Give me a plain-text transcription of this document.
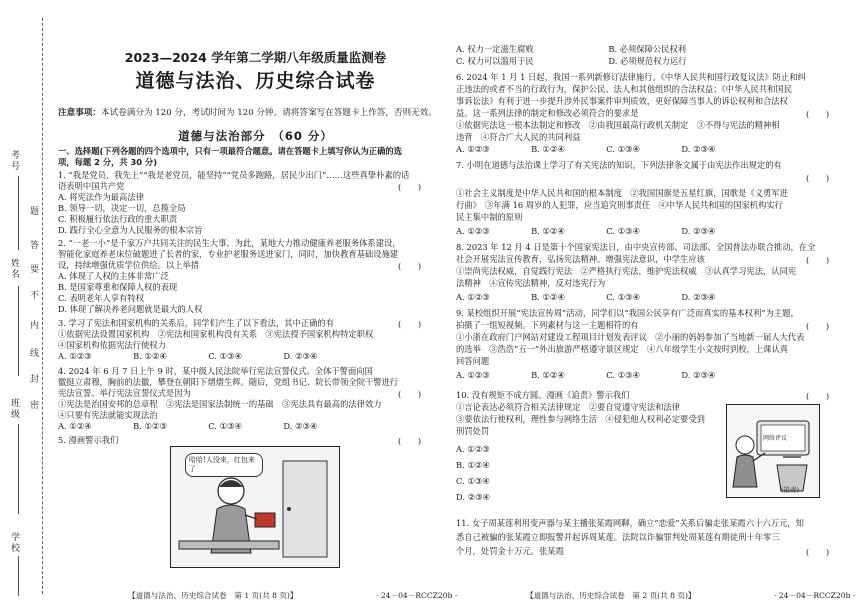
考号
姓名
班级
学校
题
答
要
不
内
线
封
密
2023—2024 学年第二学期八年级质量监测卷
道德与法治、历史综合试卷
注意事项：本试卷满分为 120 分，考试时间为 120 分钟。请将答案写在答题卡上作答，否则无效。
道德与法治部分　（60 分）
一、选择题(下列各题的四个选项中，只有一项最符合题意。请在答题卡上填写你认为正确的选
项，每题 2 分，共 30 分)
1. “我是党员，我先上”“我是老党员，能坚持”“党员多跑路，居民少出门”……这些真挚朴素的话
语表明中国共产党	(　　)
A. 将宪法作为最高法律
B. 领导一切，决定一切，总揽全局
C. 积极履行依法行政的重大职责
D. 践行全心全意为人民服务的根本宗旨
2. “一老一小”是千家万户共同关注的民生大事。为此，某地大力推动健康养老服务体系建设，
智能化家庭养老床位破题进了长者的家，专业护老服务送进家门，同时，加快教育基础设施建
设，持续增强优质学位供给。以上举措	(　　)
A. 体现了人权的主体非常广泛
B. 是国家尊重和保障人权的表现
C. 表明老年人享有特权
D. 体现了解决养老问题就是最大的人权
3. 学习了宪法和国家机构的关系后，同学们产生了以下看法，其中正确的有	(　　)
①依据宪法设置国家机构　②宪法和国家机构没有关系　③宪法授予国家机构特定职权
④国家机构依据宪法行使权力
A. ①②③　　　　　B. ①②④　　　　　C. ①③④　　　　　D. ②③④
4. 2024 年 6 月 7 日上午 9 时，某中级人民法院举行宪法宣誓仪式。全体干警面向国
徽挺立肃穆，胸前的法徽，攀登在朝阳下熠熠生辉。随后，党组书记、院长带领全院干警进行
宪法宣誓。举行宪法宣誓仪式是因为	(　　)
①宪法是治国安邦的总章程　②宪法是国家法制统一的基础　③宪法具有最高的法律效力
④只要有宪法就能实现法治
A. ①②④　　　　　B. ①②③　　　　　C. ①③④　　　　　D. ②③④
5. 漫画警示我们	(　　)
哈哈!人没来，红包来了
【道德与法治、历史综合试卷　第 1 页(共 8 页)】	· 24－04－RCCZ20b ·
A. 权力一定滋生腐败　　　　　　　　　B. 必须保障公民权利
C. 权力可以滥用于民　　　　　　　　　D. 必须规范权力运行
6. 2024 年 1 月 1 日起，我国一系列新修订法律施行。《中华人民共和国行政复议法》防止和纠
正违法的或者不当的行政行为，保护公民、法人和其他组织的合法权益；《中华人民共和国民
事诉讼法》有利于进一步提升涉外民事案件审判质效，更好保障当事人的诉讼权利和合法权
益。这一系列法律的制定和修改必须符合的要求是	(　　)
①依据宪法这一根本法制定和修改　②由我国最高行政机关制定　③不得与宪法的精神相
违背　④符合广大人民的共同利益
A. ①②③　　　　　B. ①②④　　　　　C. ①③④　　　　　D. ②③④
7. 小明在道德与法治课上学习了有关宪法的知识，下列法律条文属于由宪法作出规定的有
(　　)
①社会主义制度是中华人民共和国的根本制度　②我国国旗是五星红旗，国歌是《义勇军进
行曲》　③年满 16 周岁的人犯罪，应当追究刑事责任　④中华人民共和国的国家机构实行
民主集中制的原则
A. ①②③　　　　　B. ①②④　　　　　C. ①③④　　　　　D. ②③④
8. 2023 年 12 月 4 日是第十个国家宪法日，由中央宣传部、司法部、全国普法办联合推动，在全
社会开展宪法宣传教育，弘扬宪法精神。增强宪法意识，中学生应该	(　　)
①崇尚宪法权威，自觉践行宪法　②严格执行宪法，维护宪法权威　③认真学习宪法，认同宪
法精神　④宣传宪法精神，反对违宪行为
A. ①②③　　　　　B. ①②④　　　　　C. ①③④　　　　　D. ②③④
9. 某校组织开展“宪法宣传周”活动，同学们以“我国公民享有广泛而真实的基本权利”为主题，
拍摄了一组短视频。下列素材与这一主题相符的有	(　　)
①小浙在政府门户网站对建设工程项目计划发表评议　②小丽的妈妈参加了当地新一届人大代表
的选举　③浩浩“五一”外出旅游严格遵守景区规定　④八年级学生小文按时到校，上课认真
回答问题
A. ①②③　　　　　B. ①②④　　　　　C. ①③④　　　　　D. ②③④
10. 没有规矩不成方圆。漫画《追责》警示我们	(　　)
①言论表达必须符合相关法律规定　②要自觉遵守宪法和法律
③要依法行使权利，理性参与网络生活　④侵犯他人权利必定要受到
刑罚处罚
A. ①②③
B. ①②④
C. ①③④
D. ②③④
网络评议
(追责)
11. 女子周某莲利用变声器与某主播张某霞网聊，确立“恋爱”关系后骗走张某霞六十六万元，知
悉自己被骗的张某霞立即报警并起诉周某莲。法院以诈骗罪判处周某莲有期徒刑十年零三
个月，处罚金十万元。张某霞	(　　)
【道德与法治、历史综合试卷　第 2 页(共 8 页)】	· 24－04－RCCZ20b ·
